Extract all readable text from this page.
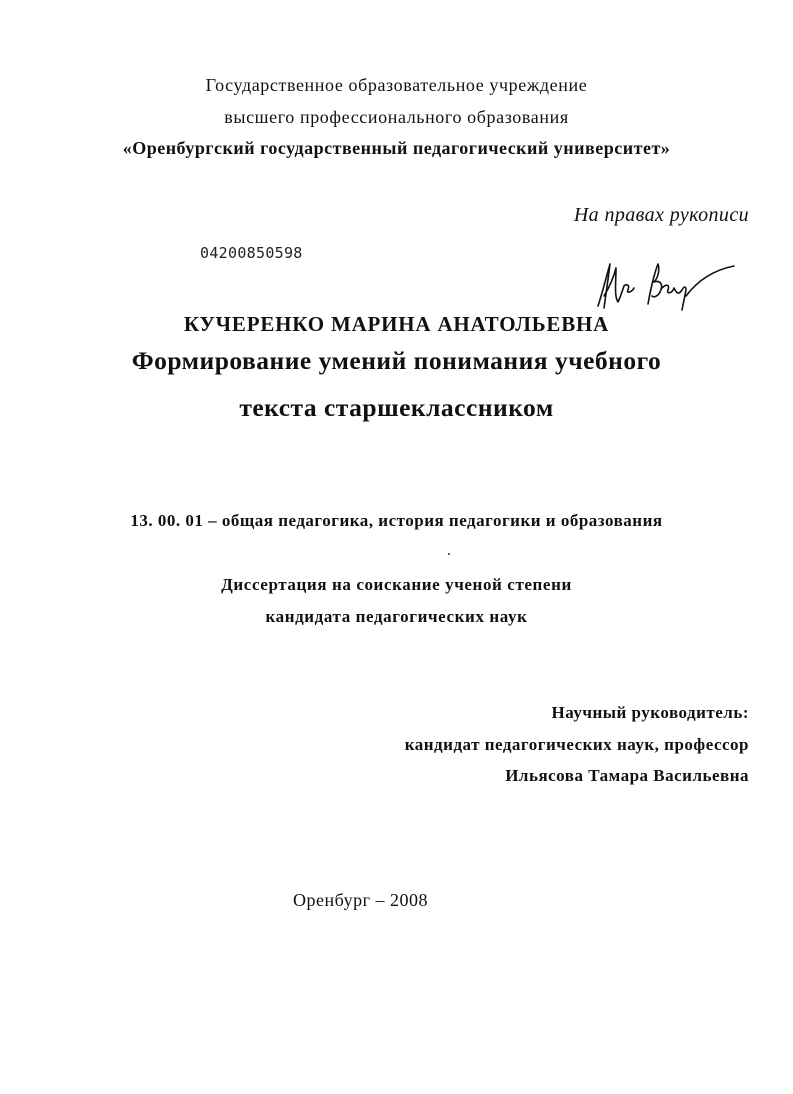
Государственное образовательное учреждение
высшего профессионального образования
«Оренбургский государственный педагогический университет»
На правах рукописи
04200850598
КУЧЕРЕНКО МАРИНА АНАТОЛЬЕВНА
Формирование умений понимания учебного
текста старшеклассником
13. 00. 01 – общая педагогика, история педагогики и образования
Диссертация на соискание ученой степени
кандидата педагогических наук
Научный руководитель:
кандидат педагогических наук, профессор
Ильясова Тамара Васильевна
Оренбург – 2008
